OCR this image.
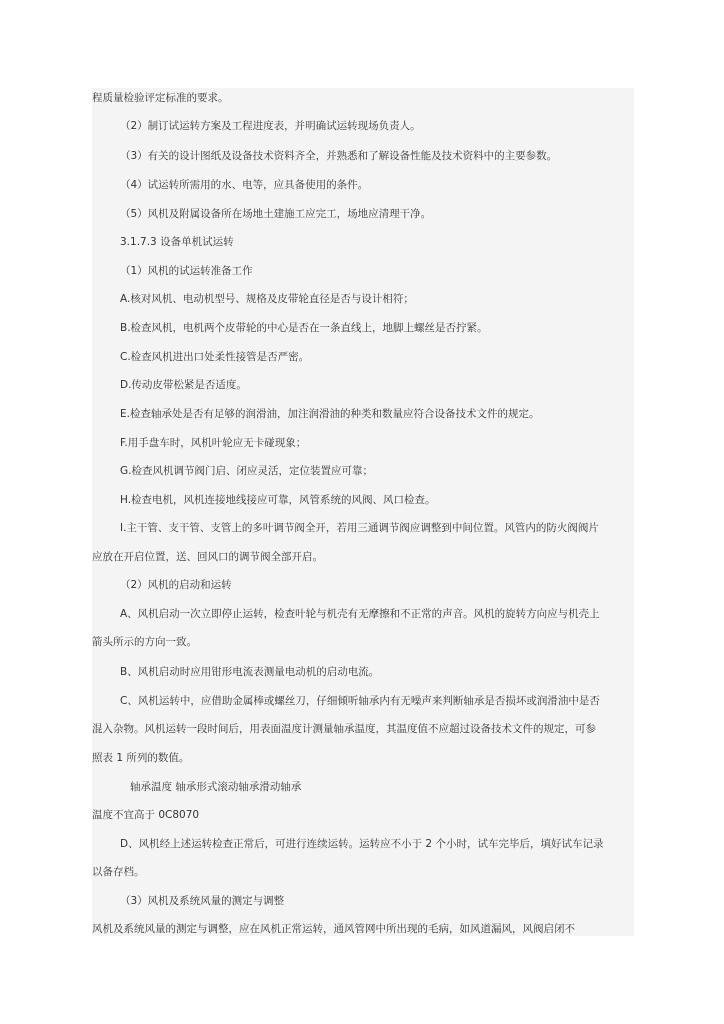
程质量检验评定标准的要求。
（2）制订试运转方案及工程进度表，并明确试运转现场负责人。
（3）有关的设计图纸及设备技术资料齐全，并熟悉和了解设备性能及技术资料中的主要参数。
（4）试运转所需用的水、电等，应具备使用的条件。
（5）风机及附属设备所在场地土建施工应完工，场地应清理干净。
3.1.7.3 设备单机试运转
（1）风机的试运转准备工作
A.核对风机、电动机型号、规格及皮带轮直径是否与设计相符；
B.检查风机，电机两个皮带轮的中心是否在一条直线上，地脚上螺丝是否拧紧。
C.检查风机进出口处柔性接管是否严密。
D.传动皮带松紧是否适度。
E.检查轴承处是否有足够的润滑油，加注润滑油的种类和数量应符合设备技术文件的规定。
F.用手盘车时，风机叶轮应无卡碰现象；
G.检查风机调节阀门启、闭应灵活，定位装置应可靠；
H.检查电机，风机连接地线接应可靠，风管系统的风阀、风口检查。
I.主干管、支干管、支管上的多叶调节阀全开，若用三通调节阀应调整到中间位置。风管内的防火阀阀片
应放在开启位置，送、回风口的调节阀全部开启。
（2）风机的启动和运转
A、风机启动一次立即停止运转，检查叶轮与机壳有无摩擦和不正常的声音。风机的旋转方向应与机壳上
箭头所示的方向一致。
B、风机启动时应用钳形电流表测量电动机的启动电流。
C、风机运转中，应借助金属棒或螺丝刀，仔细倾听轴承内有无噪声来判断轴承是否损坏或润滑油中是否
混入杂物。风机运转一段时间后，用表面温度计测量轴承温度，其温度值不应超过设备技术文件的规定，可参
照表 1 所列的数值。
轴承温度 轴承形式滚动轴承滑动轴承
温度不宜高于 0C8070
D、风机经上述运转检查正常后，可进行连续运转。运转应不小于 2 个小时，试车完毕后，填好试车记录
以备存档。
（3）风机及系统风量的测定与调整
风机及系统风量的测定与调整，应在风机正常运转，通风管网中所出现的毛病，如风道漏风，风阀启闭不
